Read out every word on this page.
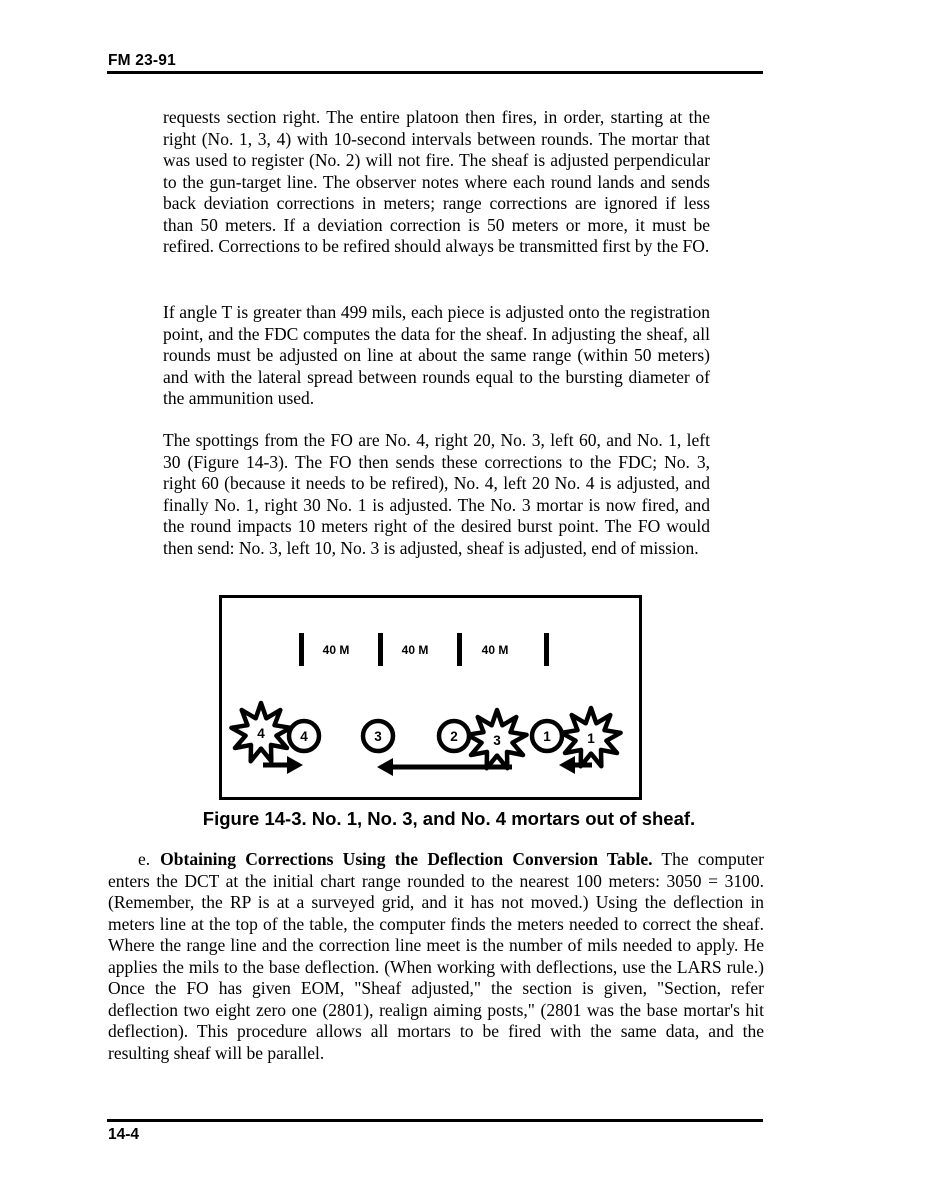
FM 23-91

requests section right. The entire platoon then fires, in order, starting at the right (No. 1, 3, 4) with 10-second intervals between rounds. The mortar that was used to register (No. 2) will not fire. The sheaf is adjusted perpendicular to the gun-target line. The observer notes where each round lands and sends back deviation corrections in meters; range corrections are ignored if less than 50 meters. If a deviation correction is 50 meters or more, it must be refired. Corrections to be refired should always be transmitted first by the FO.

If angle T is greater than 499 mils, each piece is adjusted onto the registration point, and the FDC computes the data for the sheaf. In adjusting the sheaf, all rounds must be adjusted on line at about the same range (within 50 meters) and with the lateral spread between rounds equal to the bursting diameter of the ammunition used.

The spottings from the FO are No. 4, right 20, No. 3, left 60, and No. 1, left 30 (Figure 14-3). The FO then sends these corrections to the FDC; No. 3, right 60 (because it needs to be refired), No. 4, left 20 No. 4 is adjusted, and finally No. 1, right 30 No. 1 is adjusted. The No. 3 mortar is now fired, and the round impacts 10 meters right of the desired burst point. The FO would then send: No. 3, left 10, No. 3 is adjusted, sheaf is adjusted, end of mission.

40 M	40 M	40 M
4	3	1
4	3	2	1

Figure 14-3. No. 1, No. 3, and No. 4 mortars out of sheaf.

e. Obtaining Corrections Using the Deflection Conversion Table. The computer enters the DCT at the initial chart range rounded to the nearest 100 meters: 3050 = 3100. (Remember, the RP is at a surveyed grid, and it has not moved.) Using the deflection in meters line at the top of the table, the computer finds the meters needed to correct the sheaf. Where the range line and the correction line meet is the number of mils needed to apply. He applies the mils to the base deflection. (When working with deflections, use the LARS rule.) Once the FO has given EOM, "Sheaf adjusted," the section is given, "Section, refer deflection two eight zero one (2801), realign aiming posts," (2801 was the base mortar's hit deflection). This procedure allows all mortars to be fired with the same data, and the resulting sheaf will be parallel.

14-4
